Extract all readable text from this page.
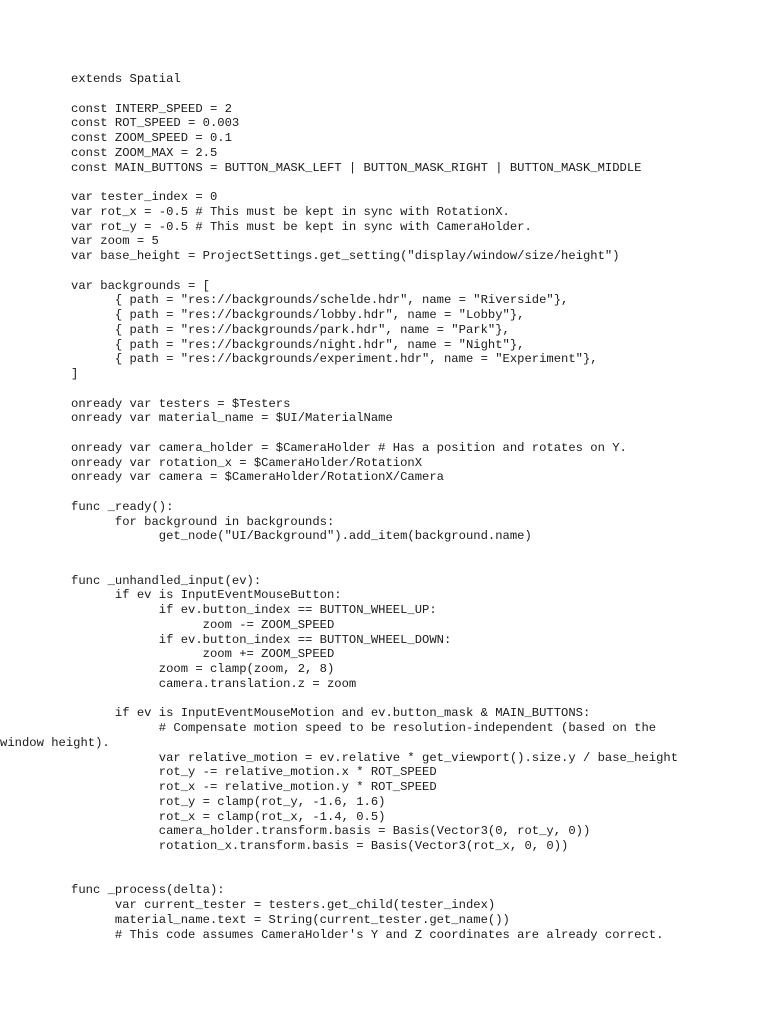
extends Spatial
const INTERP_SPEED = 2
const ROT_SPEED = 0.003
const ZOOM_SPEED = 0.1
const ZOOM_MAX = 2.5
const MAIN_BUTTONS = BUTTON_MASK_LEFT | BUTTON_MASK_RIGHT | BUTTON_MASK_MIDDLE
var tester_index = 0
var rot_x = -0.5 # This must be kept in sync with RotationX.
var rot_y = -0.5 # This must be kept in sync with CameraHolder.
var zoom = 5
var base_height = ProjectSettings.get_setting("display/window/size/height")
var backgrounds = [
{ path = "res://backgrounds/schelde.hdr", name = "Riverside"},
{ path = "res://backgrounds/lobby.hdr", name = "Lobby"},
{ path = "res://backgrounds/park.hdr", name = "Park"},
{ path = "res://backgrounds/night.hdr", name = "Night"},
{ path = "res://backgrounds/experiment.hdr", name = "Experiment"},
]
onready var testers = $Testers
onready var material_name = $UI/MaterialName
onready var camera_holder = $CameraHolder # Has a position and rotates on Y.
onready var rotation_x = $CameraHolder/RotationX
onready var camera = $CameraHolder/RotationX/Camera
func _ready():
for background in backgrounds:
get_node("UI/Background").add_item(background.name)
func _unhandled_input(ev):
if ev is InputEventMouseButton:
if ev.button_index == BUTTON_WHEEL_UP:
zoom -= ZOOM_SPEED
if ev.button_index == BUTTON_WHEEL_DOWN:
zoom += ZOOM_SPEED
zoom = clamp(zoom, 2, 8)
camera.translation.z = zoom
if ev is InputEventMouseMotion and ev.button_mask & MAIN_BUTTONS:
# Compensate motion speed to be resolution-independent (based on the
window height).
var relative_motion = ev.relative * get_viewport().size.y / base_height
rot_y -= relative_motion.x * ROT_SPEED
rot_x -= relative_motion.y * ROT_SPEED
rot_y = clamp(rot_y, -1.6, 1.6)
rot_x = clamp(rot_x, -1.4, 0.5)
camera_holder.transform.basis = Basis(Vector3(0, rot_y, 0))
rotation_x.transform.basis = Basis(Vector3(rot_x, 0, 0))
func _process(delta):
var current_tester = testers.get_child(tester_index)
material_name.text = String(current_tester.get_name())
# This code assumes CameraHolder's Y and Z coordinates are already correct.
